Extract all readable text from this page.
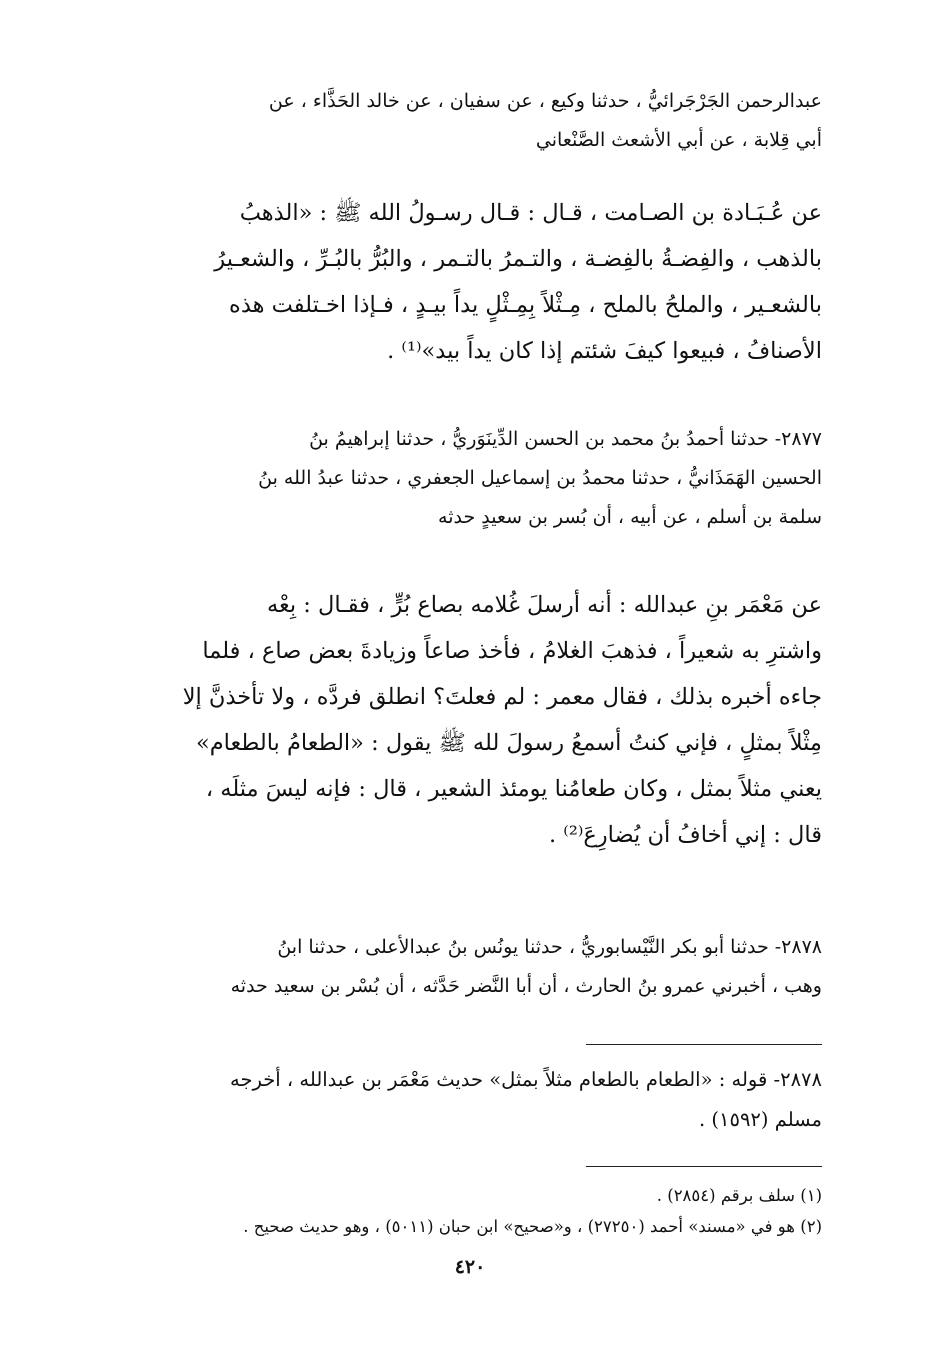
عبدالرحمن الجَرْجَرائيُّ ، حدثنا وكيع ، عن سفيان ، عن خالد الحَذَّاء ، عن
أبي قِلابة ، عن أبي الأشعث الصَّنْعاني
عن عُـبَـادة بن الصـامت ، قـال : قـال رسـولُ الله ﷺ : «الذهبُ
بالذهب ، والفِضـةُ بالفِضـة ، والتـمرُ بالتـمر ، والبُرُّ بالبُـرِّ ، والشعـيرُ
بالشعـير ، والملحُ بالملح ، مِـثْلاً بِمِـثْلٍ يداً بيـدٍ ، فـإذا اخـتلفت هذه
الأصنافُ ، فبيعوا كيفَ شئتم إذا كان يداً بيد»⁽¹⁾ .
٢٨٧٧- حدثنا أحمدُ بنُ محمد بن الحسن الدِّينَوَريُّ ، حدثنا إبراهيمُ بنُ
الحسين الهَمَذَانيُّ ، حدثنا محمدُ بن إسماعيل الجعفري ، حدثنا عبدُ الله بنُ
سلمة بن أسلم ، عن أبيه ، أن بُسر بن سعيدٍ حدثه
عن مَعْمَر بنِ عبدالله : أنه أرسلَ غُلامه بصاع بُرٍّ ، فقـال : بِعْه
واشترِ به شعيراً ، فذهبَ الغلامُ ، فأخذ صاعاً وزيادةَ بعض صاع ، فلما
جاءه أخبره بذلك ، فقال معمر : لم فعلتَ؟ انطلق فردَّه ، ولا تأخذنَّ إلا
مِثْلاً بمثلٍ ، فإني كنتُ أسمعُ رسولَ لله ﷺ يقول : «الطعامُ بالطعام»
يعني مثلاً بمثل ، وكان طعامُنا يومئذ الشعير ، قال : فإنه ليسَ مثلَه ،
قال : إني أخافُ أن يُضارِعَ⁽²⁾ .
٢٨٧٨- حدثنا أبو بكر النَّيْسابوريُّ ، حدثنا يونُس بنُ عبدالأعلى ، حدثنا ابنُ
وهب ، أخبرني عمرو بنُ الحارث ، أن أبا النَّضر حَدَّثه ، أن بُسْر بن سعيد حدثه
٢٨٧٨- قوله : «الطعام بالطعام مثلاً بمثل» حديث مَعْمَر بن عبدالله ، أخرجه
مسلم (١٥٩٢) .
(١) سلف برقم (٢٨٥٤) .
(٢) هو في «مسند» أحمد (٢٧٢٥٠) ، و«صحيح» ابن حبان (٥٠١١) ، وهو حديث صحيح .
٤٢٠
